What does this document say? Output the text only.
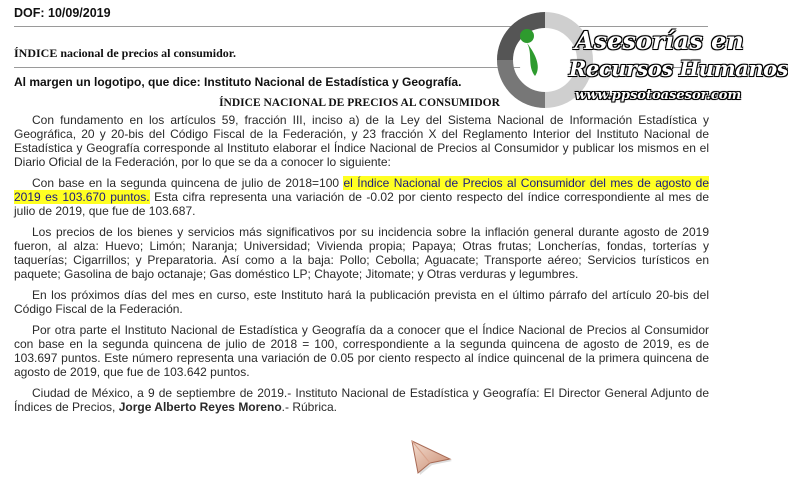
DOF: 10/09/2019
ÍNDICE nacional de precios al consumidor.
Al margen un logotipo, que dice: Instituto Nacional de Estadística y Geografía.
ÍNDICE NACIONAL DE PRECIOS AL CONSUMIDOR

Con fundamento en los artículos 59, fracción III, inciso a) de la Ley del Sistema Nacional de Información Estadística y Geográfica, 20 y 20-bis del Código Fiscal de la Federación, y 23 fracción X del Reglamento Interior del Instituto Nacional de Estadística y Geografía corresponde al Instituto elaborar el Índice Nacional de Precios al Consumidor y publicar los mismos en el Diario Oficial de la Federación, por lo que se da a conocer lo siguiente:

Con base en la segunda quincena de julio de 2018=100 el Índice Nacional de Precios al Consumidor del mes de agosto de 2019 es 103.670 puntos. Esta cifra representa una variación de -0.02 por ciento respecto del índice correspondiente al mes de julio de 2019, que fue de 103.687.

Los precios de los bienes y servicios más significativos por su incidencia sobre la inflación general durante agosto de 2019 fueron, al alza: Huevo; Limón; Naranja; Universidad; Vivienda propia; Papaya; Otras frutas; Loncherías, fondas, torterías y taquerías; Cigarrillos; y Preparatoria. Así como a la baja: Pollo; Cebolla; Aguacate; Transporte aéreo; Servicios turísticos en paquete; Gasolina de bajo octanaje; Gas doméstico LP; Chayote; Jitomate; y Otras verduras y legumbres.

En los próximos días del mes en curso, este Instituto hará la publicación prevista en el último párrafo del artículo 20-bis del Código Fiscal de la Federación.

Por otra parte el Instituto Nacional de Estadística y Geografía da a conocer que el Índice Nacional de Precios al Consumidor con base en la segunda quincena de julio de 2018 = 100, correspondiente a la segunda quincena de agosto de 2019, es de 103.697 puntos. Este número representa una variación de 0.05 por ciento respecto al índice quincenal de la primera quincena de agosto de 2019, que fue de 103.642 puntos.

Ciudad de México, a 9 de septiembre de 2019.- Instituto Nacional de Estadística y Geografía: El Director General Adjunto de Índices de Precios, Jorge Alberto Reyes Moreno.- Rúbrica.

Asesorías en
Recursos Humanos
www.ppsotoasesor.com
